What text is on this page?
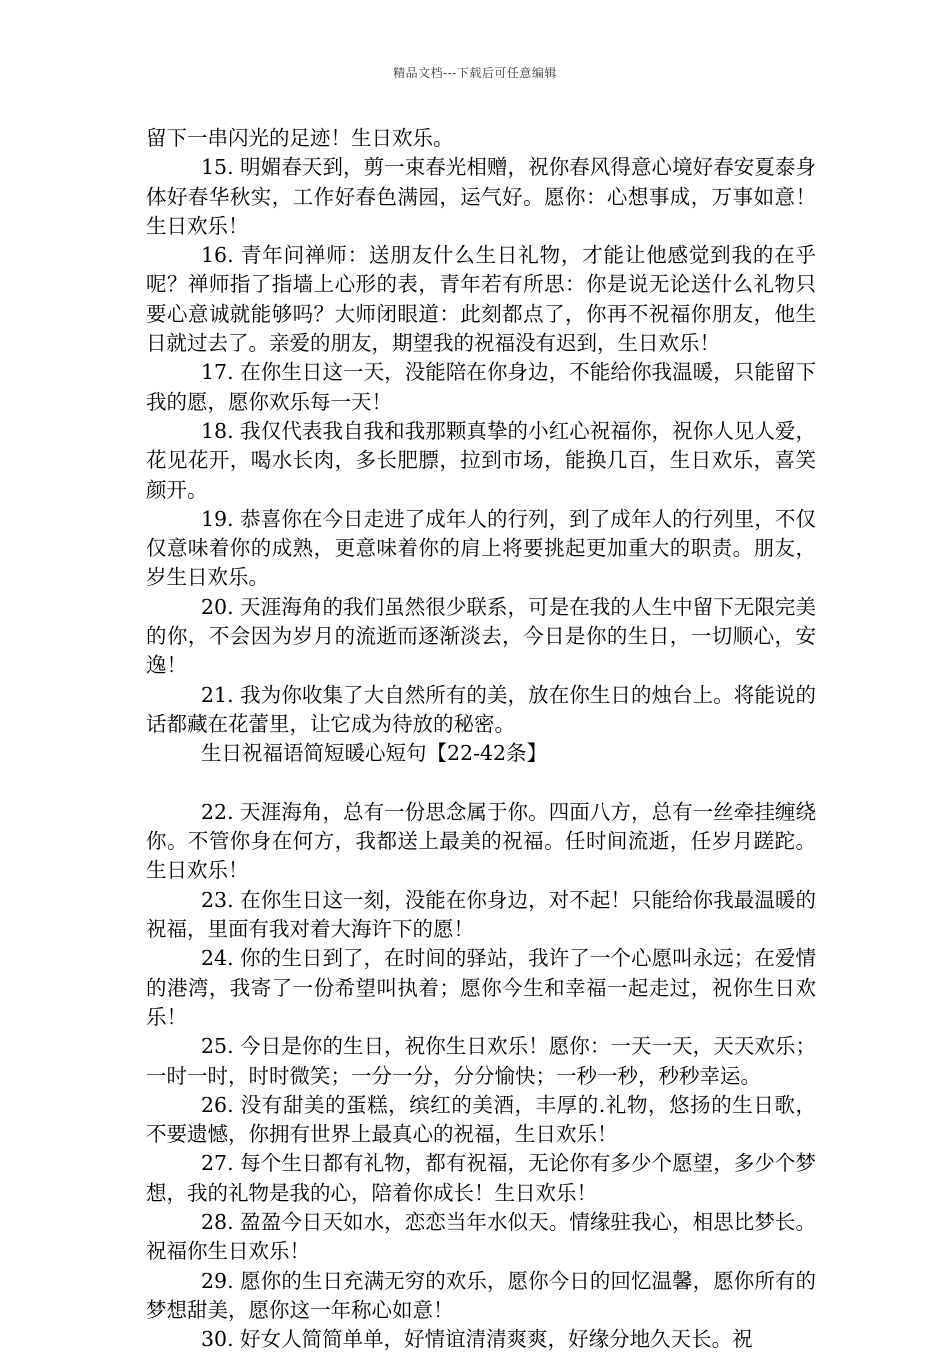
精品文档---下载后可任意编辑

留下一串闪光的足迹！生日欢乐。

15. 明媚春天到，剪一束春光相赠，祝你春风得意心境好春安夏泰身体好春华秋实，工作好春色满园，运气好。愿你：心想事成，万事如意！生日欢乐！

16. 青年问禅师：送朋友什么生日礼物，才能让他感觉到我的在乎呢？禅师指了指墙上心形的表，青年若有所思：你是说无论送什么礼物只要心意诚就能够吗？大师闭眼道：此刻都点了，你再不祝福你朋友，他生日就过去了。亲爱的朋友，期望我的祝福没有迟到，生日欢乐！

17. 在你生日这一天，没能陪在你身边，不能给你我温暖，只能留下我的愿，愿你欢乐每一天！

18. 我仅代表我自我和我那颗真挚的小红心祝福你，祝你人见人爱，花见花开，喝水长肉，多长肥膘，拉到市场，能换几百，生日欢乐，喜笑颜开。

19. 恭喜你在今日走进了成年人的行列，到了成年人的行列里，不仅仅意味着你的成熟，更意味着你的肩上将要挑起更加重大的职责。朋友，岁生日欢乐。

20. 天涯海角的我们虽然很少联系，可是在我的人生中留下无限完美的你，不会因为岁月的流逝而逐渐淡去，今日是你的生日，一切顺心，安逸！

21. 我为你收集了大自然所有的美，放在你生日的烛台上。将能说的话都藏在花蕾里，让它成为待放的秘密。

生日祝福语简短暖心短句【22-42条】

22. 天涯海角，总有一份思念属于你。四面八方，总有一丝牵挂缠绕你。不管你身在何方，我都送上最美的祝福。任时间流逝，任岁月蹉跎。生日欢乐！

23. 在你生日这一刻，没能在你身边，对不起！只能给你我最温暖的祝福，里面有我对着大海许下的愿！

24. 你的生日到了，在时间的驿站，我许了一个心愿叫永远；在爱情的港湾，我寄了一份希望叫执着；愿你今生和幸福一起走过，祝你生日欢乐！

25. 今日是你的生日，祝你生日欢乐！愿你：一天一天，天天欢乐；一时一时，时时微笑；一分一分，分分愉快；一秒一秒，秒秒幸运。

26. 没有甜美的蛋糕，缤红的美酒，丰厚的.礼物，悠扬的生日歌，不要遗憾，你拥有世界上最真心的祝福，生日欢乐！

27. 每个生日都有礼物，都有祝福，无论你有多少个愿望，多少个梦想，我的礼物是我的心，陪着你成长！生日欢乐！

28. 盈盈今日天如水，恋恋当年水似天。情缘驻我心，相思比梦长。祝福你生日欢乐！

29. 愿你的生日充满无穷的欢乐，愿你今日的回忆温馨，愿你所有的梦想甜美，愿你这一年称心如意！

30. 好女人简简单单，好情谊清清爽爽，好缘分地久天长。祝
